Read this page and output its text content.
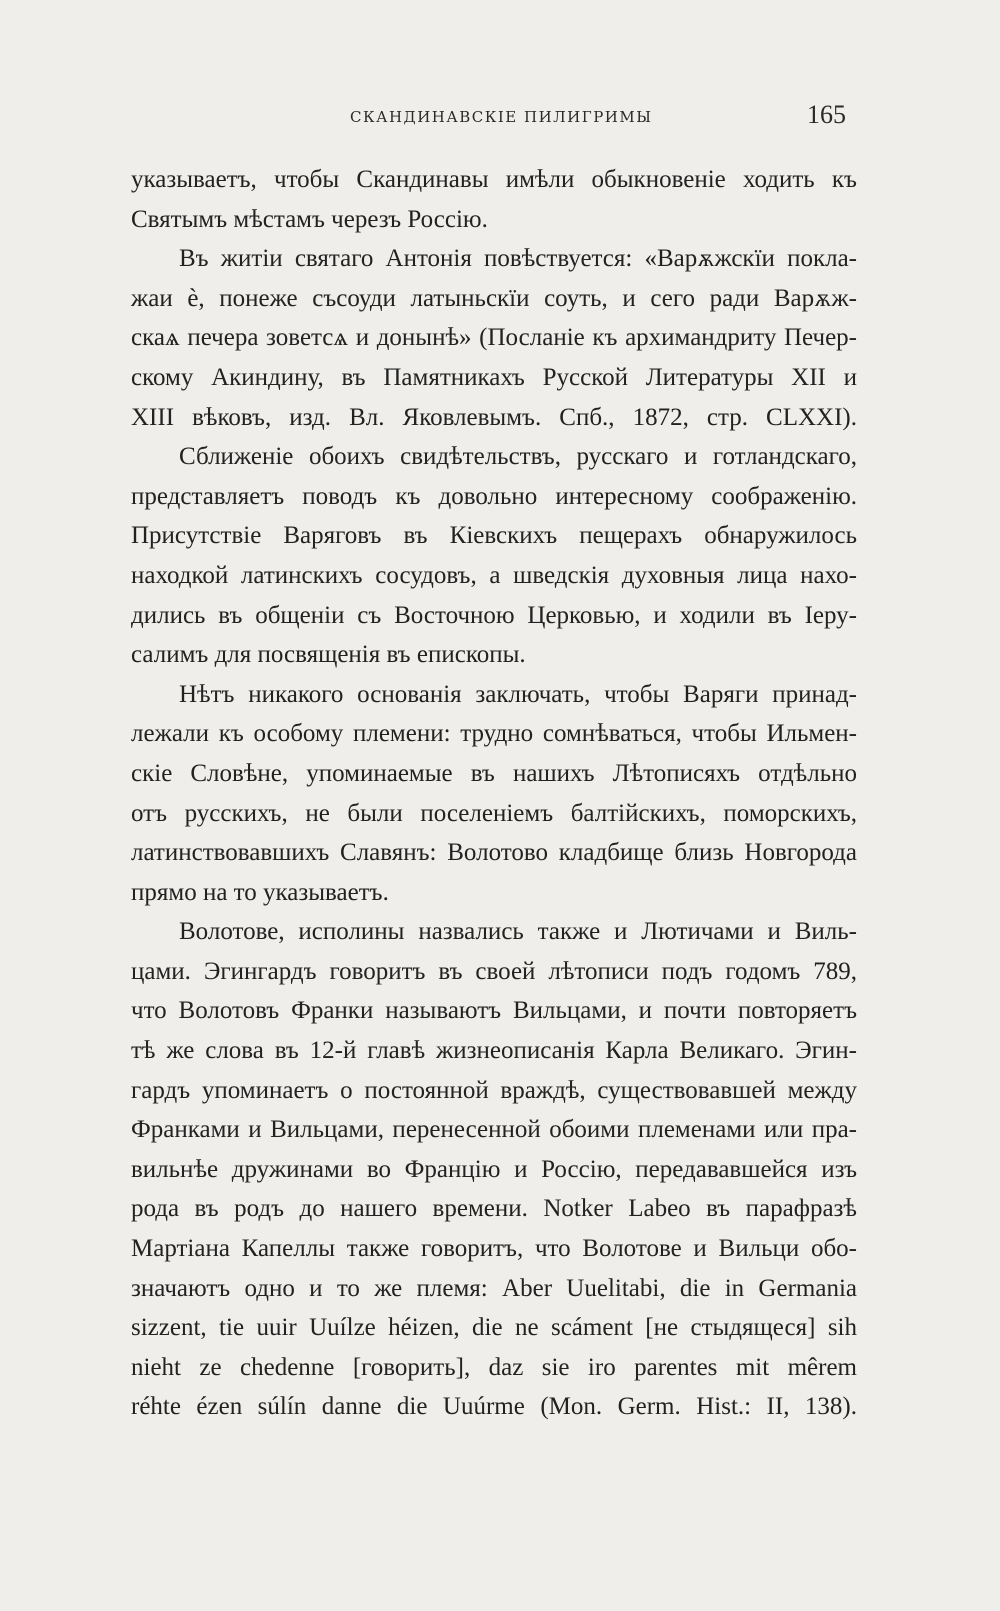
СКАНДИНАВСКІЕ ПИЛИГРИМЫ	165
указываетъ, чтобы Скандинавы имѣли обыкновеніе ходить къ
Святымъ мѣстамъ черезъ Россію.
Въ житіи святаго Антонія повѣствуется: «Варѫжскїи покла-
жаи ѐ, понеже съсоуди латыньскїи соуть, и сего ради Варѫж-
скаѧ печера зоветсѧ и донынѣ» (Посланіе къ архимандриту Печер-
скому Акиндину, въ Памятникахъ Русской Литературы XII и
XIII вѣковъ, изд. Вл. Яковлевымъ. Спб., 1872, стр. CLXXI).
Сближеніе обоихъ свидѣтельствъ, русскаго и готландскаго,
представляетъ поводъ къ довольно интересному соображенію.
Присутствіе Варяговъ въ Кіевскихъ пещерахъ обнаружилось
находкой латинскихъ сосудовъ, а шведскія духовныя лица нахо-
дились въ общеніи съ Восточною Церковью, и ходили въ Іеру-
салимъ для посвященія въ епископы.
Нѣтъ никакого основанія заключать, чтобы Варяги принад-
лежали къ особому племени: трудно сомнѣваться, чтобы Ильмен-
скіе Словѣне, упоминаемые въ нашихъ Лѣтописяхъ отдѣльно
отъ русскихъ, не были поселеніемъ балтійскихъ, поморскихъ,
латинствовавшихъ Славянъ: Волотово кладбище близь Новгорода
прямо на то указываетъ.
Волотове, исполины назвались также и Лютичами и Виль-
цами. Эгингардъ говоритъ въ своей лѣтописи подъ годомъ 789,
что Волотовъ Франки называютъ Вильцами, и почти повторяетъ
тѣ же слова въ 12-й главѣ жизнеописанія Карла Великаго. Эгин-
гардъ упоминаетъ о постоянной враждѣ, существовавшей между
Франками и Вильцами, перенесенной обоими племенами или пра-
вильнѣе дружинами во Францію и Россію, передававшейся изъ
рода въ родъ до нашего времени. Notker Labeo въ парафразѣ
Мартіана Капеллы также говоритъ, что Волотове и Вильци обо-
значаютъ одно и то же племя: Aber Uuelitabi, die in Germania
sizzent, tie uuir Uuílze héizen, die ne scáment [не стыдящеся] sih
nieht ze chedenne [говорить], daz sie iro parentes mit mêrem
réhte ézen súlín danne die Uuúrme (Mon. Germ. Hist.: II, 138).
